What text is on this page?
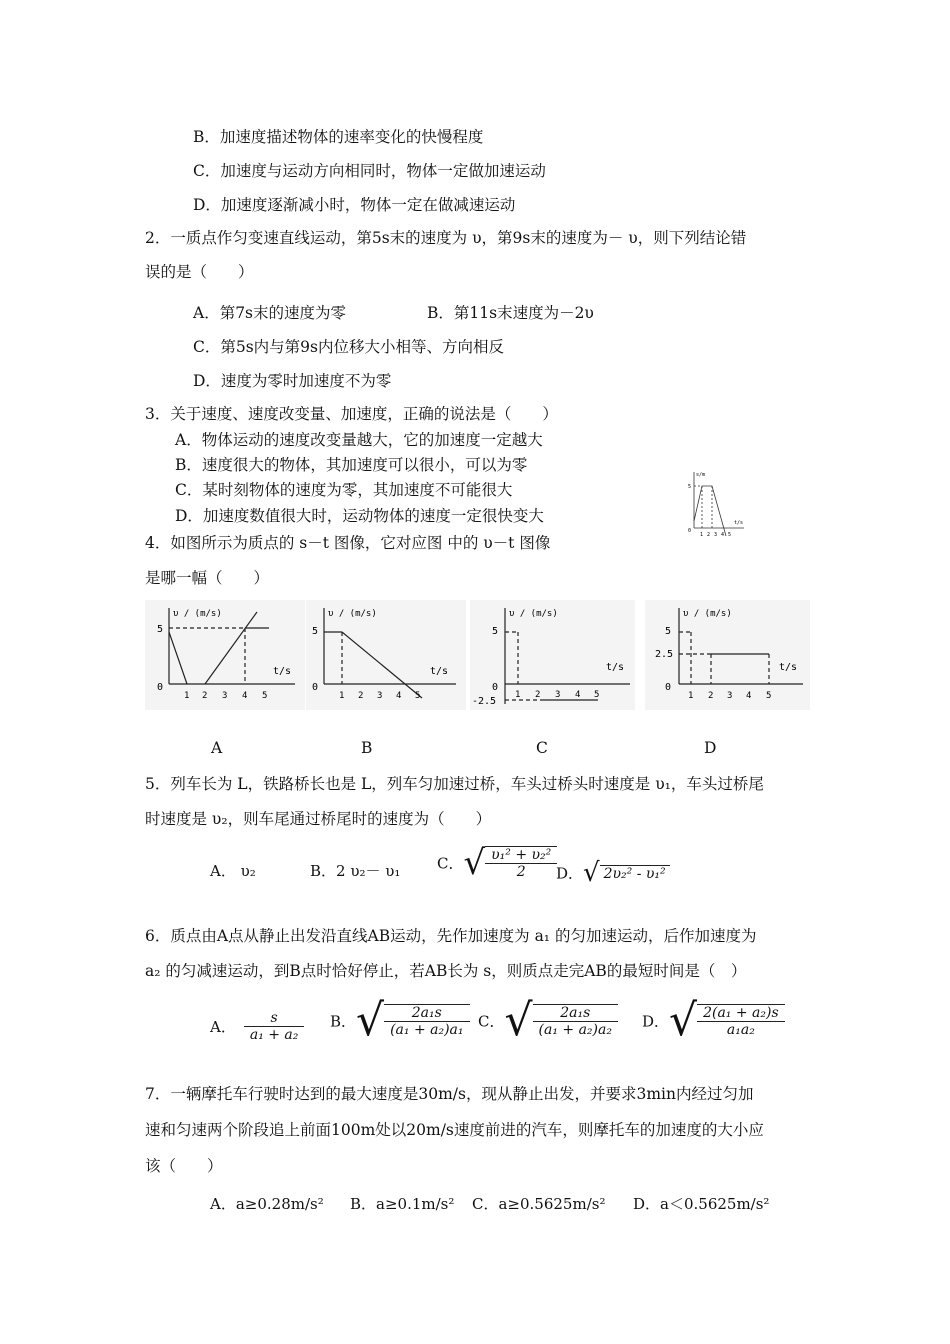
B．加速度描述物体的速率变化的快慢程度
C．加速度与运动方向相同时，物体一定做加速运动
D．加速度逐渐减小时，物体一定在做减速运动
2．一质点作匀变速直线运动，第5s末的速度为 υ，第9s末的速度为－ υ，则下列结论错
误的是（　　）
A．第7s末的速度为零	B．第11s末速度为－2υ
C．第5s内与第9s内位移大小相等、方向相反
D．速度为零时加速度不为零
3．关于速度、速度改变量、加速度，正确的说法是（　　）
A．物体运动的速度改变量越大，它的加速度一定越大
B．速度很大的物体，其加速度可以很小，可以为零
C．某时刻物体的速度为零，其加速度不可能很大
D．加速度数值很大时，运动物体的速度一定很快变大
s/m
t/s
5
0
1 2 3 4 5
4．如图所示为质点的 s－t 图像，它对应图 中的 υ－t 图像
是哪一幅（　　）
υ / (m/s)
t/s
5
0
1 2 3 4 5
A
υ / (m/s)
t/s
5
0
1 2 3 4 5
B
υ / (m/s)
t/s
5
-2.5
0
1 2 3 4 5
C
υ / (m/s)
t/s
5
2.5
0
1 2 3 4 5
D
5．列车长为 L，铁路桥长也是 L，列车匀加速过桥，车头过桥头时速度是 υ₁，车头过桥尾
时速度是 υ₂，则车尾通过桥尾时的速度为（　　）
A． υ₂	B．2 υ₂－ υ₁ C．√ $\frac{\text{υ₁² + υ₂²}}{2}$
D．√ 2υ₂² - υ₁²
6．质点由A点从静止出发沿直线AB运动，先作加速度为 a₁ 的匀加速运动，后作加速度为
a₂ 的匀减速运动，到B点时恰好停止，若AB长为 s，则质点走完AB的最短时间是（　）
A． $\frac{s}{\text{a₁ + a₂}}$ B．√ $\frac{\text{2a₁s}}{\text{(a₁ + a₂)a₁}}$ C．√ $\frac{\text{2a₁s}}{\text{(a₁ + a₂)a₂}}$ D．√ $\frac{\text{2(a₁ + a₂)s}}{\text{a₁a₂}}$
7．一辆摩托车行驶时达到的最大速度是30m/s，现从静止出发，并要求3min内经过匀加
速和匀速两个阶段追上前面100m处以20m/s速度前进的汽车，则摩托车的加速度的大小应
该（　　）
A．a≥0.28m/s² B．a≥0.1m/s² C．a≥0.5625m/s² D．a＜0.5625m/s²
